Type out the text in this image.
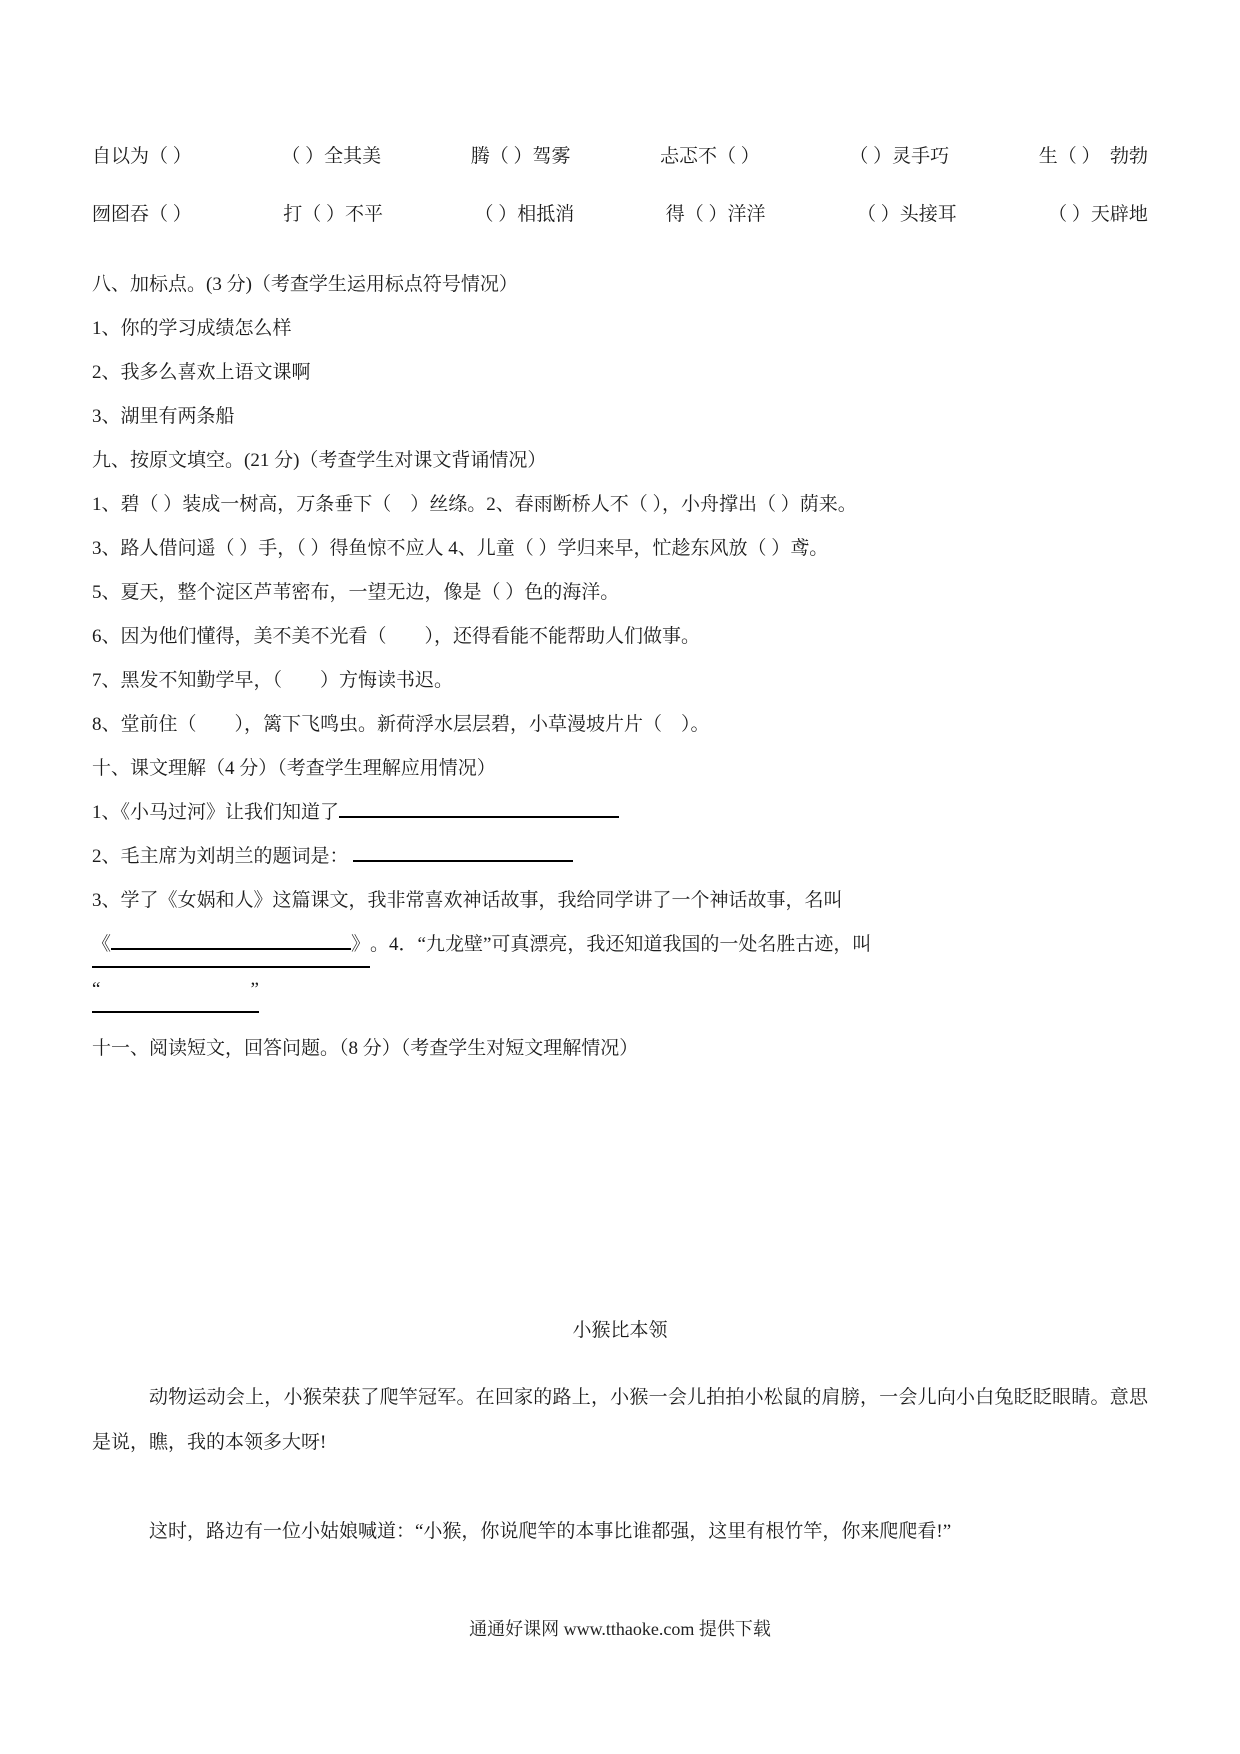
自以为（ ）	（ ）全其美	腾（ ）驾雾	忐忑不（ ）	（ ）灵手巧	生（ ）　勃勃
囫囵吞（ ）	打（ ）不平	（ ）相抵消	得（ ）洋洋	（ ）头接耳	（ ）天辟地

八、加标点。(3 分)（考查学生运用标点符号情况）

1、你的学习成绩怎么样

2、我多么喜欢上语文课啊

3、湖里有两条船

九、按原文填空。(21 分)（考查学生对课文背诵情况）

1、碧（ ）装成一树高，万条垂下（　）丝绦。2、春雨断桥人不（ ），小舟撑出（ ）荫来。

3、路人借问遥（ ）手，（ ）得鱼惊不应人 4、儿童（ ）学归来早，忙趁东风放（ ）鸢。

5、夏天，整个淀区芦苇密布，一望无边，像是（ ）色的海洋。

6、因为他们懂得，美不美不光看（　　），还得看能不能帮助人们做事。

7、黑发不知勤学早，（　　）方悔读书迟。

8、堂前住（　　），篱下飞鸣虫。新荷浮水层层碧，小草漫坡片片（　）。

十、课文理解（4 分）（考查学生理解应用情况）

1、《小马过河》让我们知道了

2、毛主席为刘胡兰的题词是：

3、学了《女娲和人》这篇课文，我非常喜欢神话故事，我给同学讲了一个神话故事，名叫

《	》。4．“九龙壁”可真漂亮，我还知道我国的一处名胜古迹，叫

“	”

十一、阅读短文，回答问题。（8 分）（考查学生对短文理解情况）

小猴比本领

动物运动会上，小猴荣获了爬竿冠军。在回家的路上，小猴一会儿拍拍小松鼠的肩膀，一会儿向小白兔眨眨眼睛。意思是说，瞧，我的本领多大呀!

这时，路边有一位小姑娘喊道：“小猴，你说爬竿的本事比谁都强，这里有根竹竿，你来爬爬看!”

通通好课网 www.tthaoke.com 提供下载
